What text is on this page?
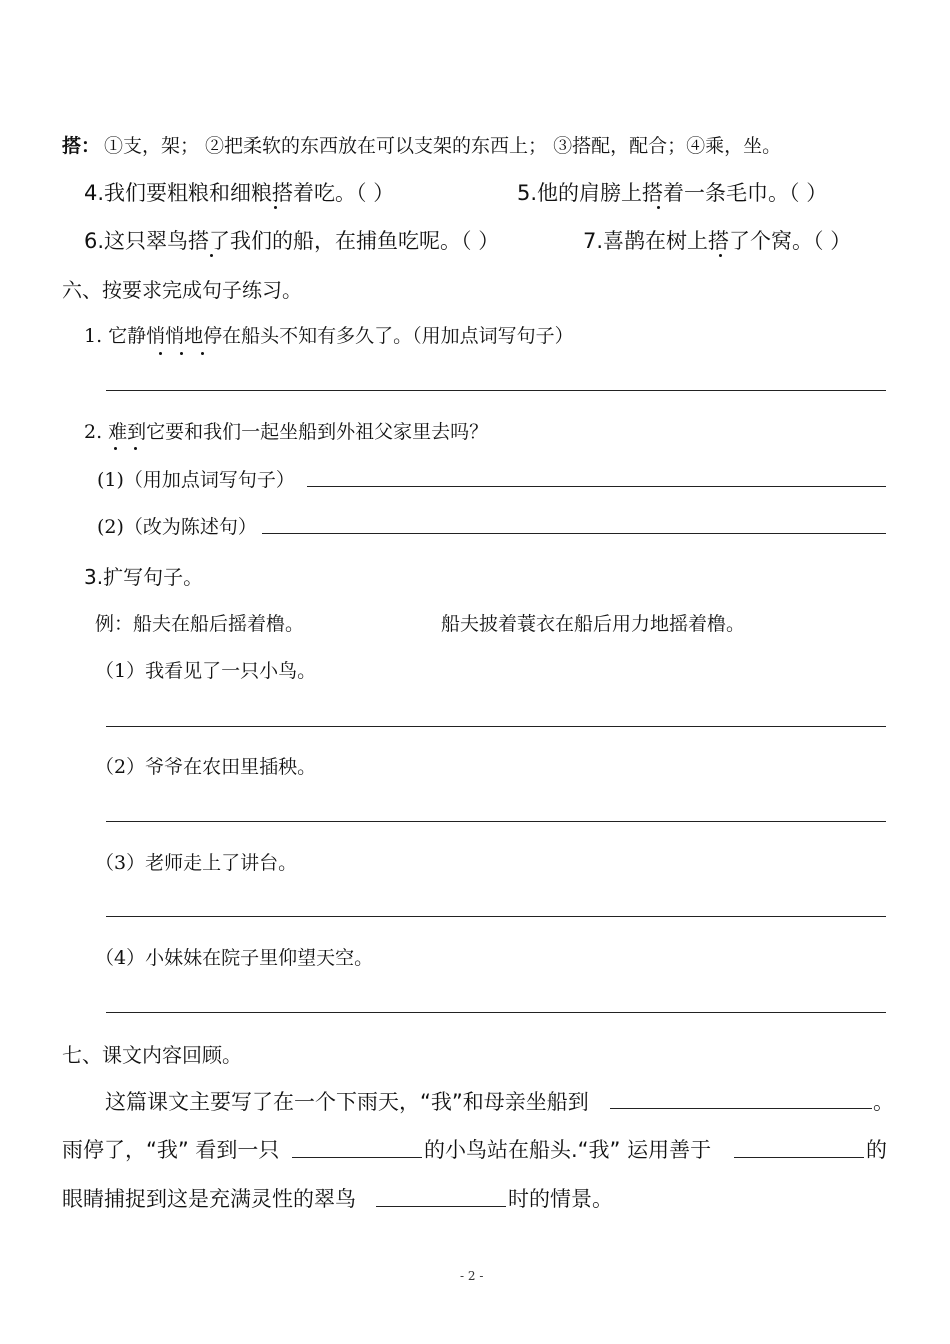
搭： ①支，架； ②把柔软的东西放在可以支架的东西上； ③搭配，配合；④乘，坐。
4.我们要粗粮和细粮搭着吃。（ ）	5.他的肩膀上搭着一条毛巾。（ ）
6.这只翠鸟搭了我们的船，在捕鱼吃呢。（ ）	7.喜鹊在树上搭了个窝。（ ）
六、按要求完成句子练习。
1. 它静悄悄地停在船头不知有多久了。（用加点词写句子）
2. 难到它要和我们一起坐船到外祖父家里去吗？
(1)（用加点词写句子）
(2)（改为陈述句）
3.扩写句子。
例：船夫在船后摇着橹。	船夫披着蓑衣在船后用力地摇着橹。
（1）我看见了一只小鸟。
（2）爷爷在农田里插秧。
（3）老师走上了讲台。
（4）小妹妹在院子里仰望天空。
七、课文内容回顾。
这篇课文主要写了在一个下雨天，“我”和母亲坐船到	。
雨停了，“我” 看到一只	的小鸟站在船头.“我” 运用善于	的
眼睛捕捉到这是充满灵性的翠鸟	时的情景。
- 2 -
